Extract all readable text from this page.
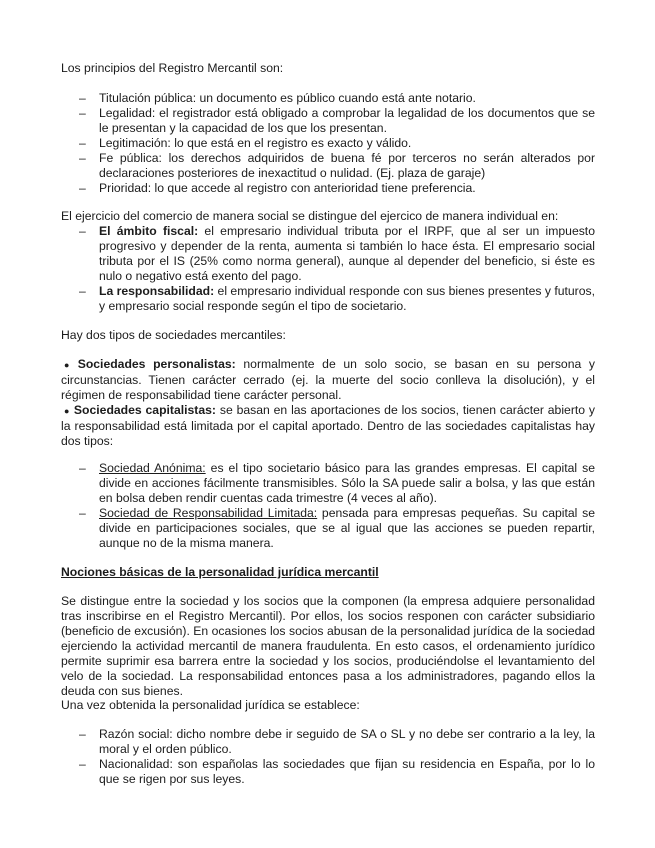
Los principios del Registro Mercantil son:

– Titulación pública: un documento es público cuando está ante notario.
– Legalidad: el registrador está obligado a comprobar la legalidad de los documentos que se le presentan y la capacidad de los que los presentan.
– Legitimación: lo que está en el registro es exacto y válido.
– Fe pública: los derechos adquiridos de buena fé por terceros no serán alterados por declaraciones posteriores de inexactitud o nulidad. (Ej. plaza de garaje)
– Prioridad: lo que accede al registro con anterioridad tiene preferencia.

El ejercicio del comercio de manera social se distingue del ejercico de manera individual en:

– El ámbito fiscal: el empresario individual tributa por el IRPF, que al ser un impuesto progresivo y depender de la renta, aumenta si también lo hace ésta. El empresario social tributa por el IS (25% como norma general), aunque al depender del beneficio, si éste es nulo o negativo está exento del pago.
– La responsabilidad: el empresario individual responde con sus bienes presentes y futuros, y empresario social responde según el tipo de societario.

Hay dos tipos de sociedades mercantiles:

● Sociedades personalistas: normalmente de un solo socio, se basan en su persona y circunstancias. Tienen carácter cerrado (ej. la muerte del socio conlleva la disolución), y el régimen de responsabilidad tiene carácter personal.
● Sociedades capitalistas: se basan en las aportaciones de los socios, tienen carácter abierto y la responsabilidad está limitada por el capital aportado. Dentro de las sociedades capitalistas hay dos tipos:
– Sociedad Anónima: es el tipo societario básico para las grandes empresas. El capital se divide en acciones fácilmente transmisibles. Sólo la SA puede salir a bolsa, y las que están en bolsa deben rendir cuentas cada trimestre (4 veces al año).
– Sociedad de Responsabilidad Limitada: pensada para empresas pequeñas. Su capital se divide en participaciones sociales, que se al igual que las acciones se pueden repartir, aunque no de la misma manera.

Nociones básicas de la personalidad jurídica mercantil

Se distingue entre la sociedad y los socios que la componen (la empresa adquiere personalidad tras inscribirse en el Registro Mercantil). Por ellos, los socios responen con carácter subsidiario (beneficio de excusión). En ocasiones los socios abusan de la personalidad jurídica de la sociedad ejerciendo la actividad mercantil de manera fraudulenta. En esto casos, el ordenamiento jurídico permite suprimir esa barrera entre la sociedad y los socios, produciéndolse el levantamiento del velo de la sociedad. La responsabilidad entonces pasa a los administradores, pagando ellos la deuda con sus bienes.

Una vez obtenida la personalidad jurídica se establece:

– Razón social: dicho nombre debe ir seguido de SA o SL y no debe ser contrario a la ley, la moral y el orden público.
– Nacionalidad: son españolas las sociedades que fijan su residencia en España, por lo lo que se rigen por sus leyes.
